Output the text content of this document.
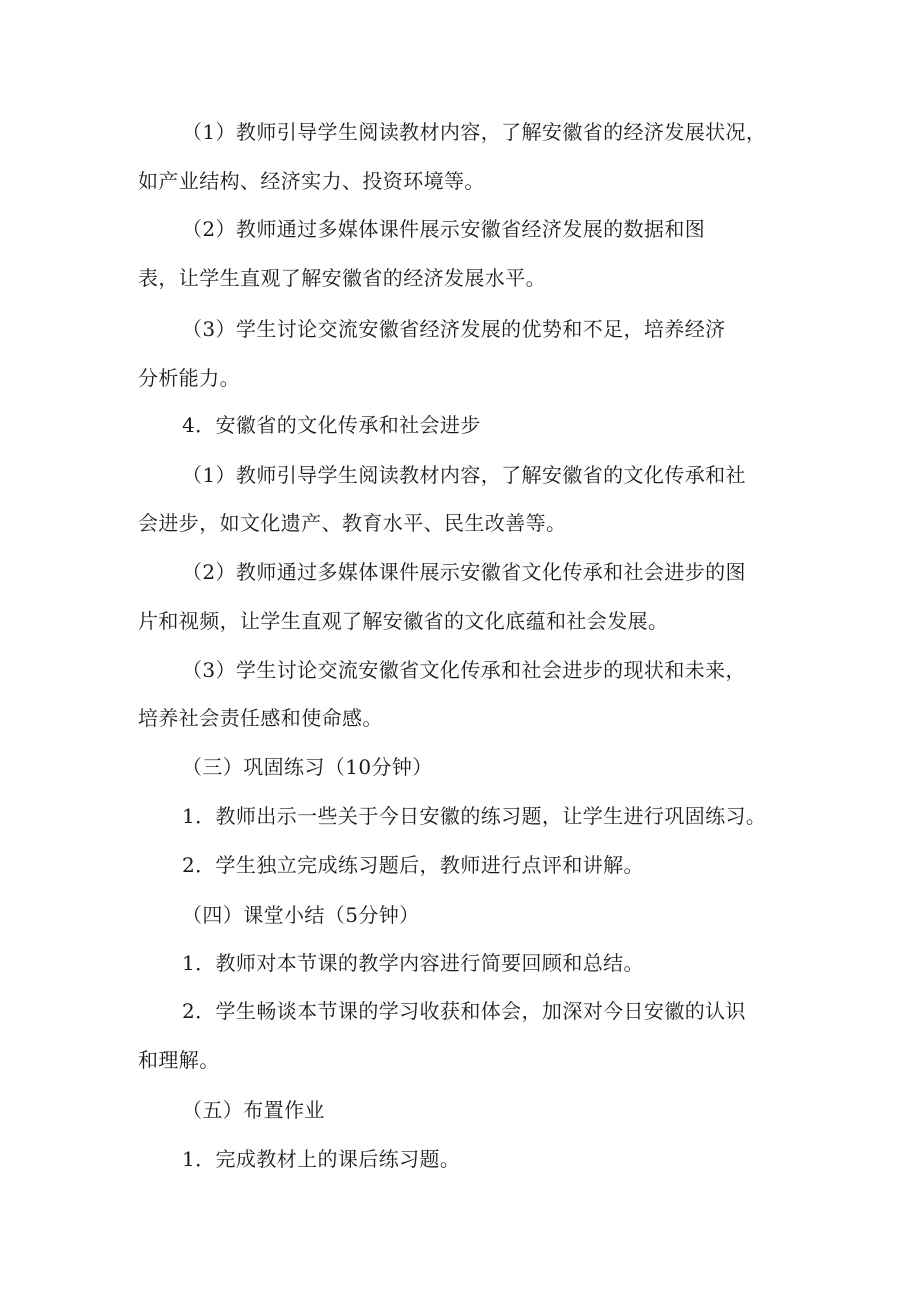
（1）教师引导学生阅读教材内容，了解安徽省的经济发展状况，
如产业结构、经济实力、投资环境等。
（2）教师通过多媒体课件展示安徽省经济发展的数据和图
表，让学生直观了解安徽省的经济发展水平。
（3）学生讨论交流安徽省经济发展的优势和不足，培养经济
分析能力。
4．安徽省的文化传承和社会进步
（1）教师引导学生阅读教材内容，了解安徽省的文化传承和社
会进步，如文化遗产、教育水平、民生改善等。
（2）教师通过多媒体课件展示安徽省文化传承和社会进步的图
片和视频，让学生直观了解安徽省的文化底蕴和社会发展。
（3）学生讨论交流安徽省文化传承和社会进步的现状和未来，
培养社会责任感和使命感。
（三）巩固练习（10分钟）
1．教师出示一些关于今日安徽的练习题，让学生进行巩固练习。
2．学生独立完成练习题后，教师进行点评和讲解。
（四）课堂小结（5分钟）
1．教师对本节课的教学内容进行简要回顾和总结。
2．学生畅谈本节课的学习收获和体会，加深对今日安徽的认识
和理解。
（五）布置作业
1．完成教材上的课后练习题。
